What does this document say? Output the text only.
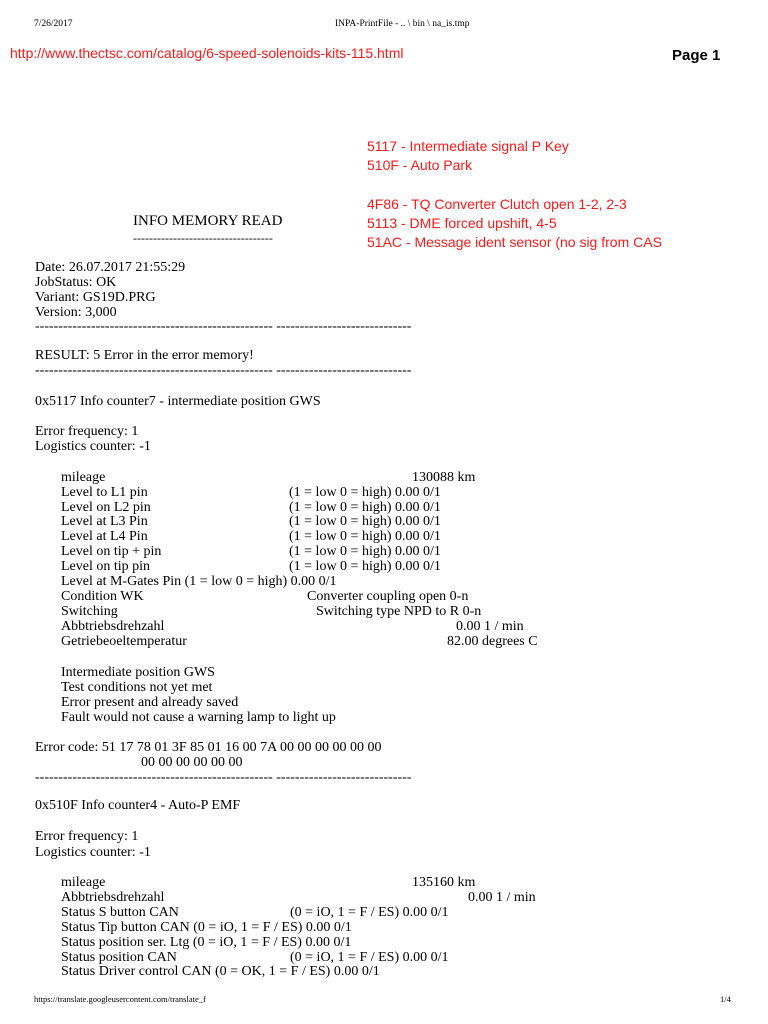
7/26/2017	INPA-PrintFile - .. \ bin \ na_is.tmp
http://www.thectsc.com/catalog/6-speed-solenoids-kits-115.html	Page 1
5117 - Intermediate signal P Key
510F - Auto Park
4F86 - TQ Converter Clutch open 1-2, 2-3
5113 - DME forced upshift, 4-5
51AC - Message ident sensor (no sig from CAS
INFO MEMORY READ
-----------------------------------
Date: 26.07.2017 21:55:29
JobStatus: OK
Variant: GS19D.PRG
Version: 3,000
--------------------------------------------------- -----------------------------
RESULT: 5 Error in the error memory!
--------------------------------------------------- -----------------------------
0x5117 Info counter7 - intermediate position GWS
Error frequency: 1
Logistics counter: -1
mileage	130088 km
Level to L1 pin	(1 = low 0 = high) 0.00 0/1
Level on L2 pin	(1 = low 0 = high) 0.00 0/1
Level at L3 Pin	(1 = low 0 = high) 0.00 0/1
Level at L4 Pin	(1 = low 0 = high) 0.00 0/1
Level on tip + pin	(1 = low 0 = high) 0.00 0/1
Level on tip pin	(1 = low 0 = high) 0.00 0/1
Level at M-Gates Pin (1 = low 0 = high) 0.00 0/1
Condition WK	Converter coupling open 0-n
Switching	Switching type NPD to R 0-n
Abbtriebsdrehzahl	0.00 1 / min
Getriebeoeltemperatur	82.00 degrees C
Intermediate position GWS
Test conditions not yet met
Error present and already saved
Fault would not cause a warning lamp to light up
Error code: 51 17 78 01 3F 85 01 16 00 7A 00 00 00 00 00 00
00 00 00 00 00 00
--------------------------------------------------- -----------------------------
0x510F Info counter4 - Auto-P EMF
Error frequency: 1
Logistics counter: -1
mileage	135160 km
Abbtriebsdrehzahl	0.00 1 / min
Status S button CAN	(0 = iO, 1 = F / ES) 0.00 0/1
Status Tip button CAN (0 = iO, 1 = F / ES) 0.00 0/1
Status position ser. Ltg (0 = iO, 1 = F / ES) 0.00 0/1
Status position CAN	(0 = iO, 1 = F / ES) 0.00 0/1
Status Driver control CAN (0 = OK, 1 = F / ES) 0.00 0/1
https://translate.googleusercontent.com/translate_f	1/4
